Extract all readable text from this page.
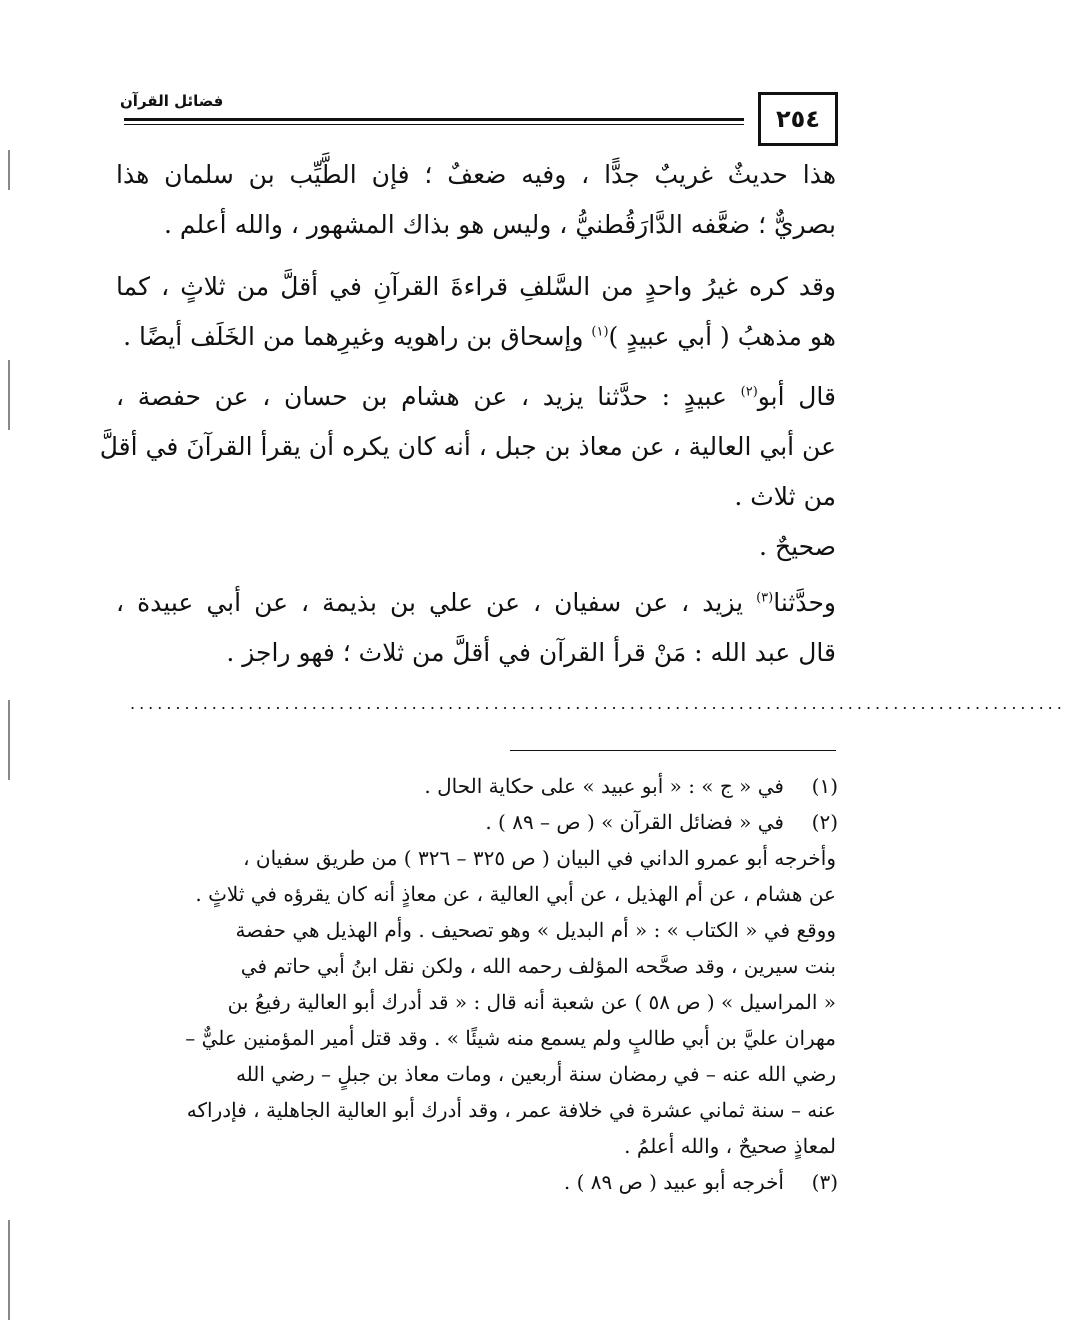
فضائل القرآن
٢٥٤
هذا حديثٌ غريبٌ جدًّا ، وفيه ضعفٌ ؛ فإن الطَّيِّب بن سلمان هذا
بصريٌّ ؛ ضعَّفه الدَّارَقُطنيُّ ، وليس هو بذاك المشهور ، والله أعلم .
وقد كره غيرُ واحدٍ من السَّلفِ قراءةَ القرآنِ في أقلَّ من ثلاثٍ ، كما
هو مذهبُ ( أبي عبيدٍ )$^{(١)}$ وإسحاق بن راهويه وغيرِهما من الخَلَف أيضًا .
قال أبو$^{(٢)}$ عبيدٍ : حدَّثنا يزيد ، عن هشام بن حسان ، عن حفصة ،
عن أبي العالية ، عن معاذ بن جبل ، أنه كان يكره أن يقرأ القرآنَ في أقلَّ
من ثلاث .
صحيحٌ .
وحدَّثنا$^{(٣)}$ يزيد ، عن سفيان ، عن علي بن بذيمة ، عن أبي عبيدة ،
قال عبد الله : مَنْ قرأ القرآن في أقلَّ من ثلاث ؛ فهو راجز .
.......................................................................................................
(١)
في « ج » : « أبو عبيد » على حكاية الحال .
(٢)
في « فضائل القرآن » ( ص – ٨٩ ) .
وأخرجه أبو عمرو الداني في البيان ( ص ٣٢٥ – ٣٢٦ ) من طريق سفيان ،
عن هشام ، عن أم الهذيل ، عن أبي العالية ، عن معاذٍ أنه كان يقرؤه في ثلاثٍ .
ووقع في « الكتاب » : « أم البديل » وهو تصحيف . وأم الهذيل هي حفصة
بنت سيرين ، وقد صحَّحه المؤلف رحمه الله ، ولكن نقل ابنُ أبي حاتم في
« المراسيل » ( ص ٥٨ ) عن شعبة أنه قال : « قد أدرك أبو العالية رفيعُ بن
مهران عليَّ بن أبي طالبٍ ولم يسمع منه شيئًا » . وقد قتل أمير المؤمنين عليٌّ –
رضي الله عنه – في رمضان سنة أربعين ، ومات معاذ بن جبلٍ – رضي الله
عنه – سنة ثماني عشرة في خلافة عمر ، وقد أدرك أبو العالية الجاهلية ، فإدراكه
لمعاذٍ صحيحٌ ، والله أعلمُ .
(٣)
أخرجه أبو عبيد ( ص ٨٩ ) .
